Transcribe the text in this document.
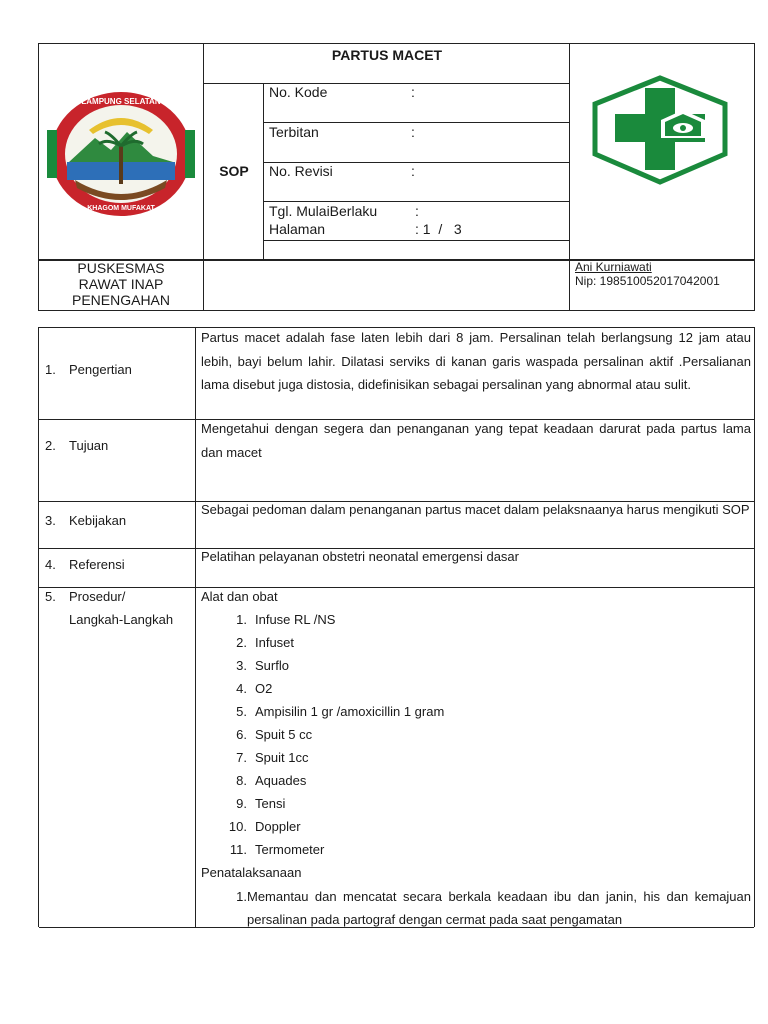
LAMPUNG SELATAN
KHAGOM MUFAKAT
PARTUS MACET
SOP
No. Kode	:
Terbitan	:
No. Revisi	:
Tgl. MulaiBerlaku	:
Halaman	: 1  /   3
PUSKESMAS
RAWAT INAP
PENENGAHAN
Ani Kurniawati
Nip: 198510052017042001
1. Pengertian
Partus macet adalah fase laten lebih dari 8 jam. Persalinan telah berlangsung 12 jam atau lebih, bayi belum lahir. Dilatasi serviks di kanan garis waspada persalinan aktif .Persalianan lama disebut juga distosia, didefinisikan sebagai persalinan yang abnormal atau sulit.
2. Tujuan
Mengetahui dengan segera dan penanganan yang tepat keadaan darurat pada partus lama dan macet
3. Kebijakan
Sebagai pedoman dalam penanganan partus macet dalam pelaksnaanya harus mengikuti SOP
4. Referensi
Pelatihan pelayanan obstetri neonatal emergensi dasar
5. Prosedur/
Langkah-Langkah
Alat dan obat
1. Infuse RL /NS
2. Infuset
3. Surflo
4. O2
5. Ampisilin 1 gr /amoxicillin 1 gram
6. Spuit 5 cc
7. Spuit 1cc
8. Aquades
9. Tensi
10. Doppler
11. Termometer
Penatalaksanaan
1. Memantau dan mencatat secara berkala keadaan ibu dan janin, his dan kemajuan persalinan pada partograf dengan cermat pada saat pengamatan
